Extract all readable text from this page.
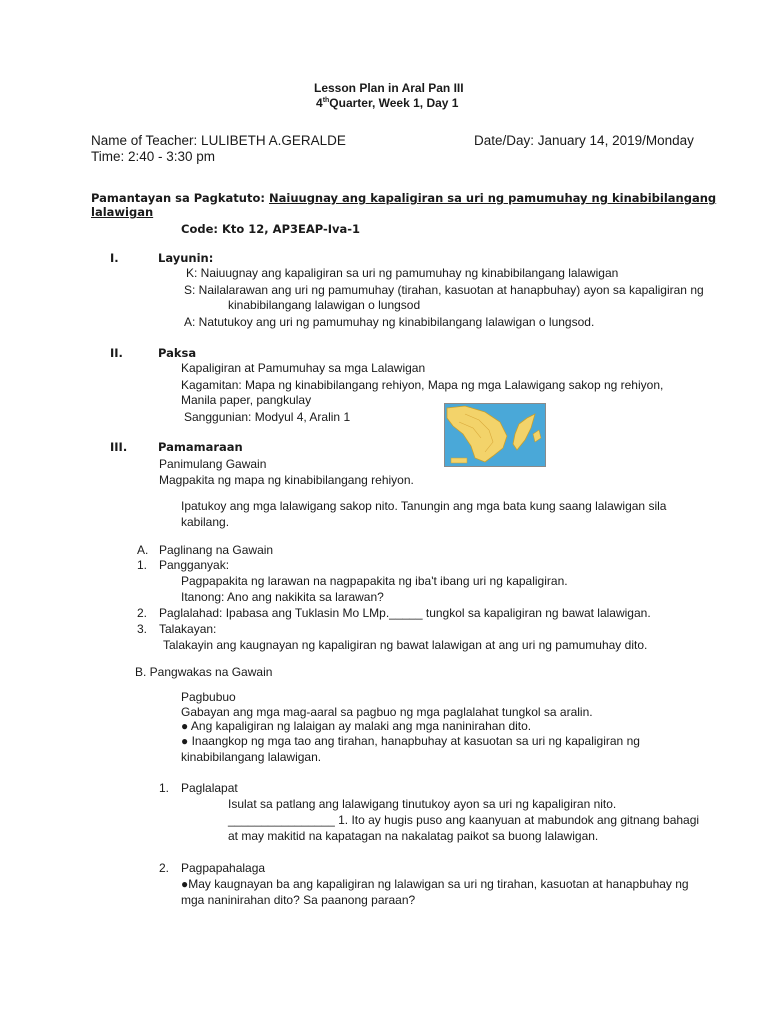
Lesson Plan in Aral Pan III
4thQuarter, Week 1, Day 1
Name of Teacher: LULIBETH A.GERALDE	Date/Day: January 14, 2019/Monday
Time: 2:40 - 3:30 pm
Pamantayan sa Pagkatuto: Naiuugnay ang kapaligiran sa uri ng pamumuhay ng kinabibilangang
lalawigan
Code: Kto 12, AP3EAP-Iva-1
I.	Layunin:
K: Naiuugnay ang kapaligiran sa uri ng pamumuhay ng kinabibilangang lalawigan
S: Nailalarawan ang uri ng pamumuhay (tirahan, kasuotan at hanapbuhay) ayon sa kapaligiran ng
kinabibilangang lalawigan o lungsod
A: Natutukoy ang uri ng pamumuhay ng kinabibilangang lalawigan o lungsod.
II.	Paksa
Kapaligiran at Pamumuhay sa mga Lalawigan
Kagamitan: Mapa ng kinabibilangang rehiyon, Mapa ng mga Lalawigang sakop ng rehiyon,
Manila paper, pangkulay
Sanggunian: Modyul 4, Aralin 1
III.	Pamamaraan
Panimulang Gawain
Magpakita ng mapa ng kinabibilangang rehiyon.
Ipatukoy ang mga lalawigang sakop nito. Tanungin ang mga bata kung saang lalawigan sila
kabilang.
A. Paglinang na Gawain
1. Pangganyak:
Pagpapakita ng larawan na nagpapakita ng iba't ibang uri ng kapaligiran.
Itanong: Ano ang nakikita sa larawan?
2. Paglalahad: Ipabasa ang Tuklasin Mo LMp._____ tungkol sa kapaligiran ng bawat lalawigan.
3. Talakayan:
Talakayin ang kaugnayan ng kapaligiran ng bawat lalawigan at ang uri ng pamumuhay dito.
B. Pangwakas na Gawain
Pagbubuo
Gabayan ang mga mag-aaral sa pagbuo ng mga paglalahat tungkol sa aralin.
● Ang kapaligiran ng lalaigan ay malaki ang mga naninirahan dito.
● Inaangkop ng mga tao ang tirahan, hanapbuhay at kasuotan sa uri ng kapaligiran ng
kinabibilangang lalawigan.
1. Paglalapat
Isulat sa patlang ang lalawigang tinutukoy ayon sa uri ng kapaligiran nito.
________________ 1. Ito ay hugis puso ang kaanyuan at mabundok ang gitnang bahagi
at may makitid na kapatagan na nakalatag paikot sa buong lalawigan.
2. Pagpapahalaga
●May kaugnayan ba ang kapaligiran ng lalawigan sa uri ng tirahan, kasuotan at hanapbuhay ng
mga naninirahan dito? Sa paanong paraan?
